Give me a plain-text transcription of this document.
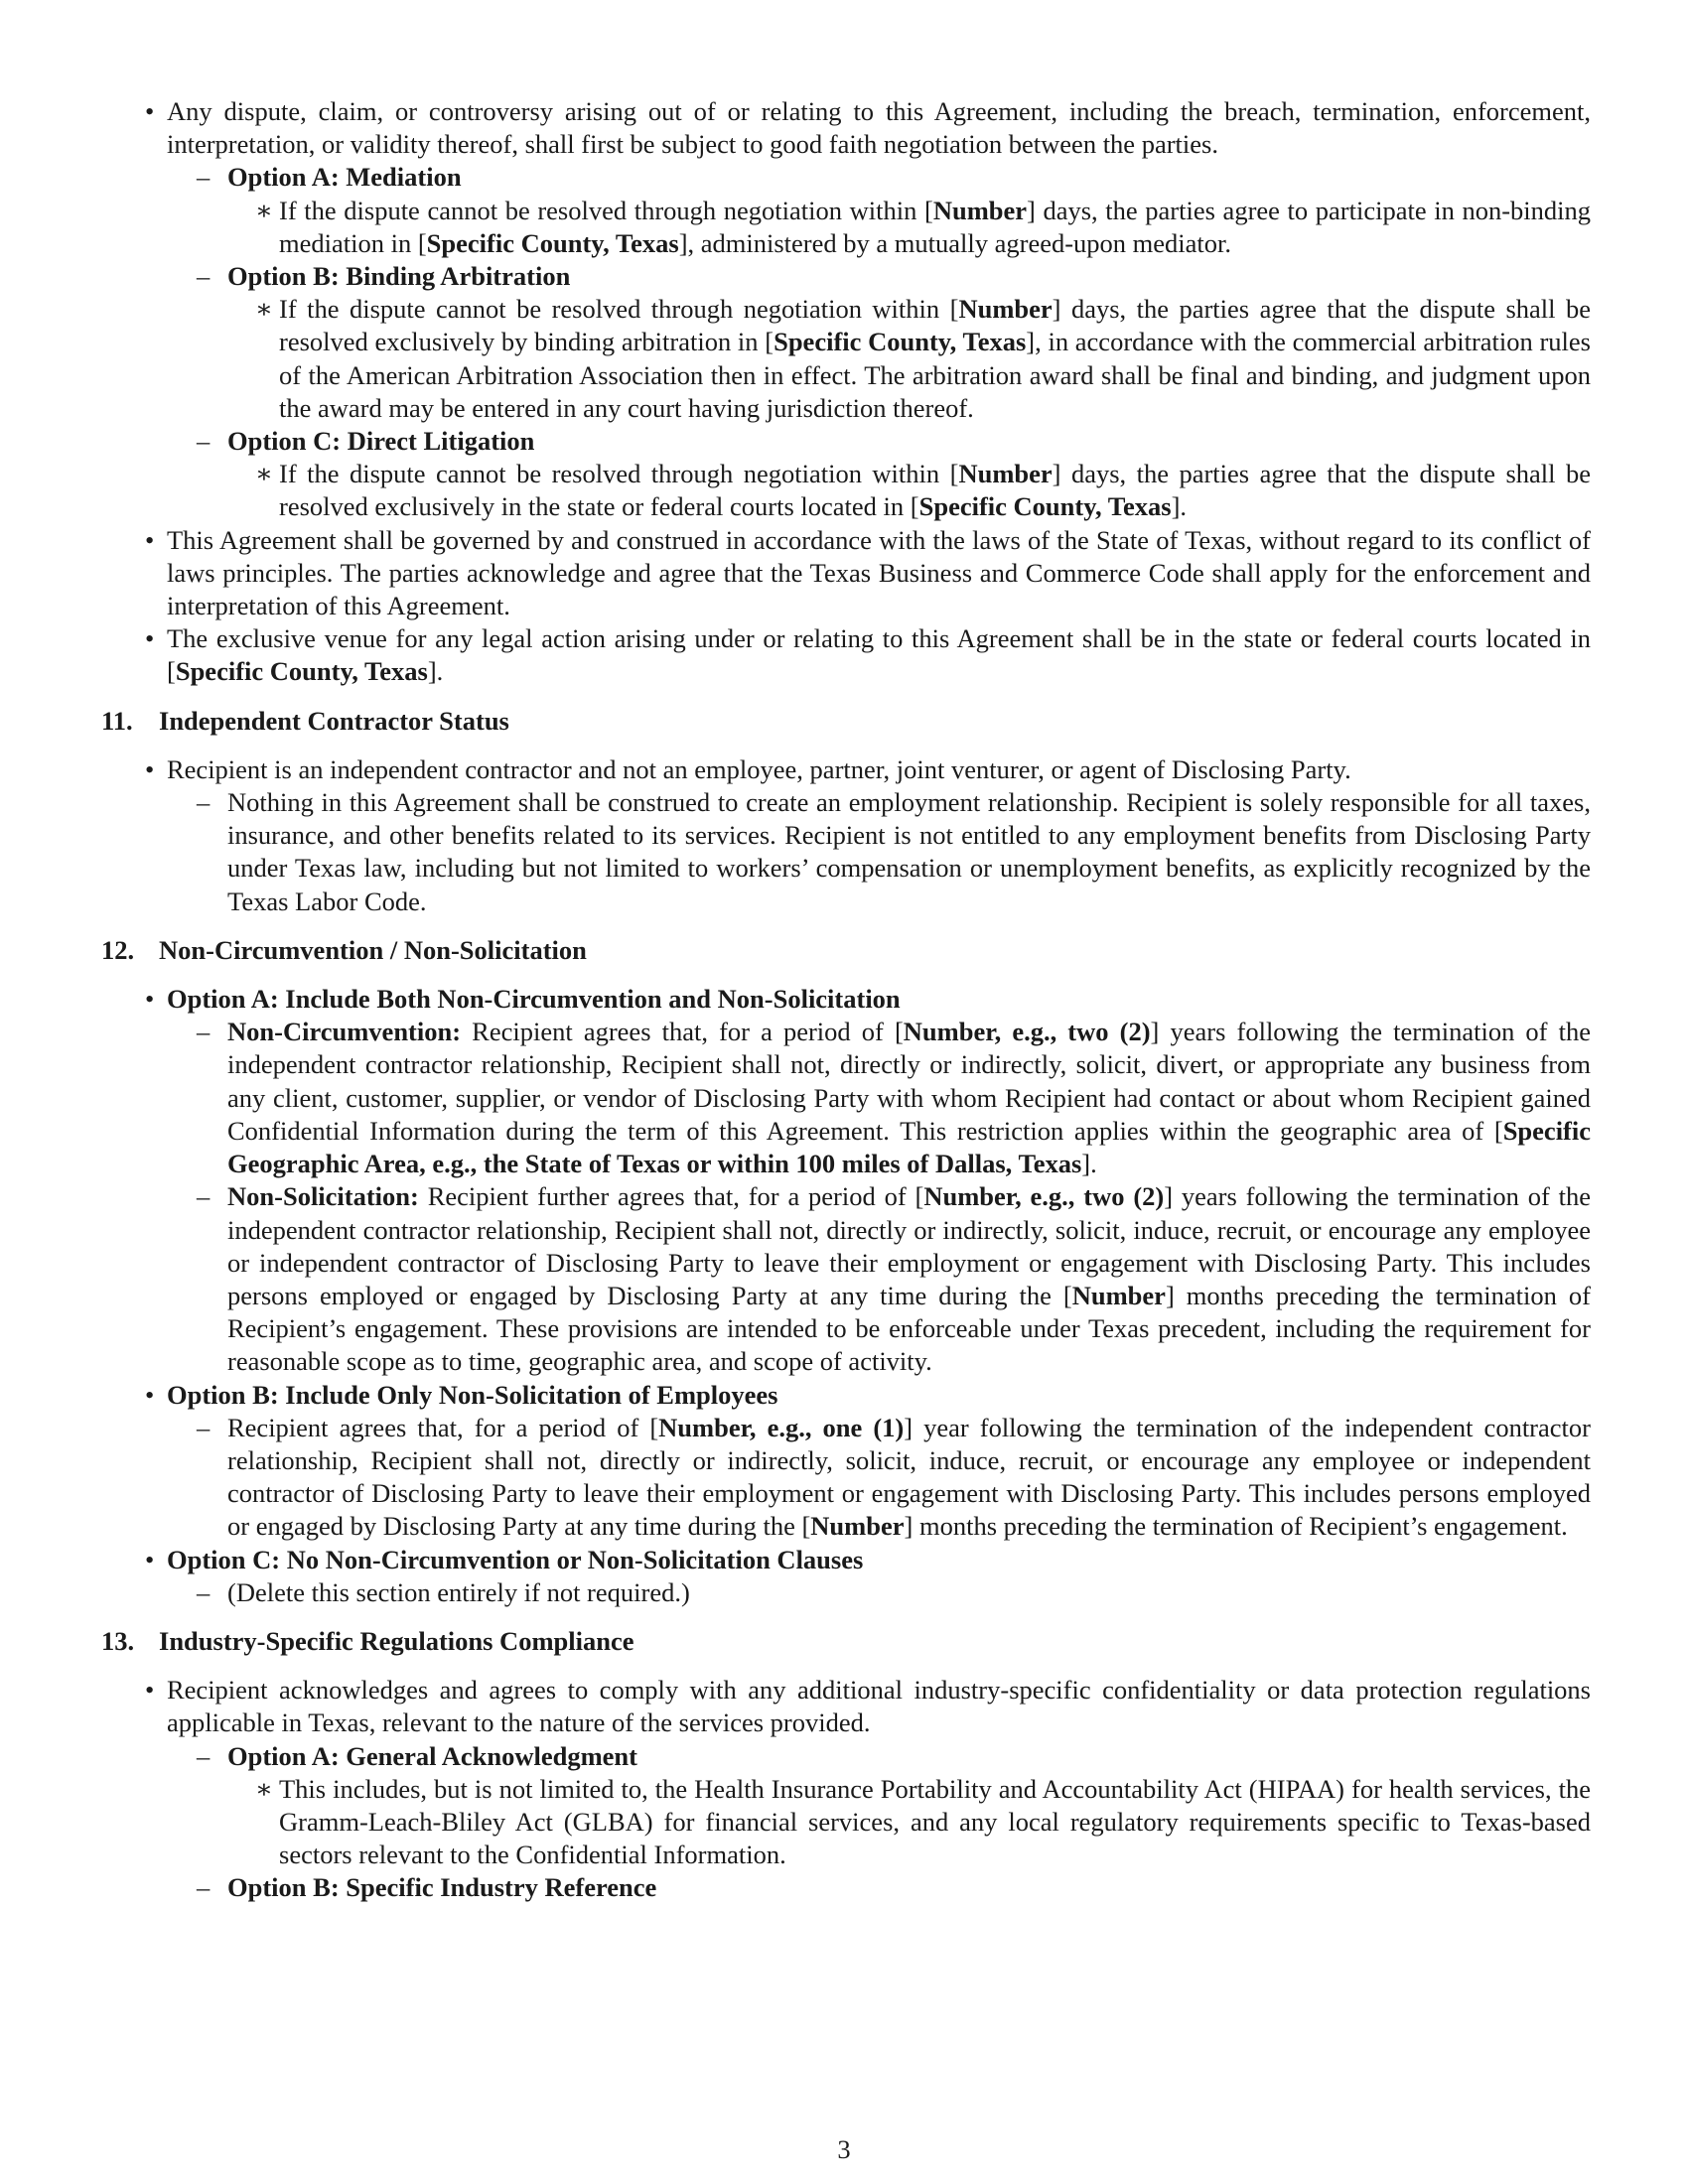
• Any dispute, claim, or controversy arising out of or relating to this Agreement, including the breach, termination, enforcement, interpretation, or validity thereof, shall first be subject to good faith negotiation between the parties.
– Option A: Mediation
∗ If the dispute cannot be resolved through negotiation within [Number] days, the parties agree to participate in non-binding mediation in [Specific County, Texas], administered by a mutually agreed-upon mediator.
– Option B: Binding Arbitration
∗ If the dispute cannot be resolved through negotiation within [Number] days, the parties agree that the dispute shall be resolved exclusively by binding arbitration in [Specific County, Texas], in accordance with the commercial arbitration rules of the American Arbitration Association then in effect. The arbitration award shall be final and binding, and judgment upon the award may be entered in any court having jurisdiction thereof.
– Option C: Direct Litigation
∗ If the dispute cannot be resolved through negotiation within [Number] days, the parties agree that the dispute shall be resolved exclusively in the state or federal courts located in [Specific County, Texas].
• This Agreement shall be governed by and construed in accordance with the laws of the State of Texas, without regard to its conflict of laws principles. The parties acknowledge and agree that the Texas Business and Commerce Code shall apply for the enforcement and interpretation of this Agreement.
• The exclusive venue for any legal action arising under or relating to this Agreement shall be in the state or federal courts located in [Specific County, Texas].
11. Independent Contractor Status
• Recipient is an independent contractor and not an employee, partner, joint venturer, or agent of Disclosing Party.
– Nothing in this Agreement shall be construed to create an employment relationship. Recipient is solely responsible for all taxes, insurance, and other benefits related to its services. Recipient is not entitled to any employment benefits from Disclosing Party under Texas law, including but not limited to workers’ compensation or unemployment benefits, as explicitly recognized by the Texas Labor Code.
12. Non-Circumvention / Non-Solicitation
• Option A: Include Both Non-Circumvention and Non-Solicitation
– Non-Circumvention: Recipient agrees that, for a period of [Number, e.g., two (2)] years following the termination of the independent contractor relationship, Recipient shall not, directly or indirectly, solicit, divert, or appropriate any business from any client, customer, supplier, or vendor of Disclosing Party with whom Recipient had contact or about whom Recipient gained Confidential Information during the term of this Agreement. This restriction applies within the geographic area of [Specific Geographic Area, e.g., the State of Texas or within 100 miles of Dallas, Texas].
– Non-Solicitation: Recipient further agrees that, for a period of [Number, e.g., two (2)] years following the termination of the independent contractor relationship, Recipient shall not, directly or indirectly, solicit, induce, recruit, or encourage any employee or independent contractor of Disclosing Party to leave their employment or engagement with Disclosing Party. This includes persons employed or engaged by Disclosing Party at any time during the [Number] months preceding the termination of Recipient’s engagement. These provisions are intended to be enforceable under Texas precedent, including the requirement for reasonable scope as to time, geographic area, and scope of activity.
• Option B: Include Only Non-Solicitation of Employees
– Recipient agrees that, for a period of [Number, e.g., one (1)] year following the termination of the independent contractor relationship, Recipient shall not, directly or indirectly, solicit, induce, recruit, or encourage any employee or independent contractor of Disclosing Party to leave their employment or engagement with Disclosing Party. This includes persons employed or engaged by Disclosing Party at any time during the [Number] months preceding the termination of Recipient’s engagement.
• Option C: No Non-Circumvention or Non-Solicitation Clauses
– (Delete this section entirely if not required.)
13. Industry-Specific Regulations Compliance
• Recipient acknowledges and agrees to comply with any additional industry-specific confidentiality or data protection regulations applicable in Texas, relevant to the nature of the services provided.
– Option A: General Acknowledgment
∗ This includes, but is not limited to, the Health Insurance Portability and Accountability Act (HIPAA) for health services, the Gramm-Leach-Bliley Act (GLBA) for financial services, and any local regulatory requirements specific to Texas-based sectors relevant to the Confidential Information.
– Option B: Specific Industry Reference
3
